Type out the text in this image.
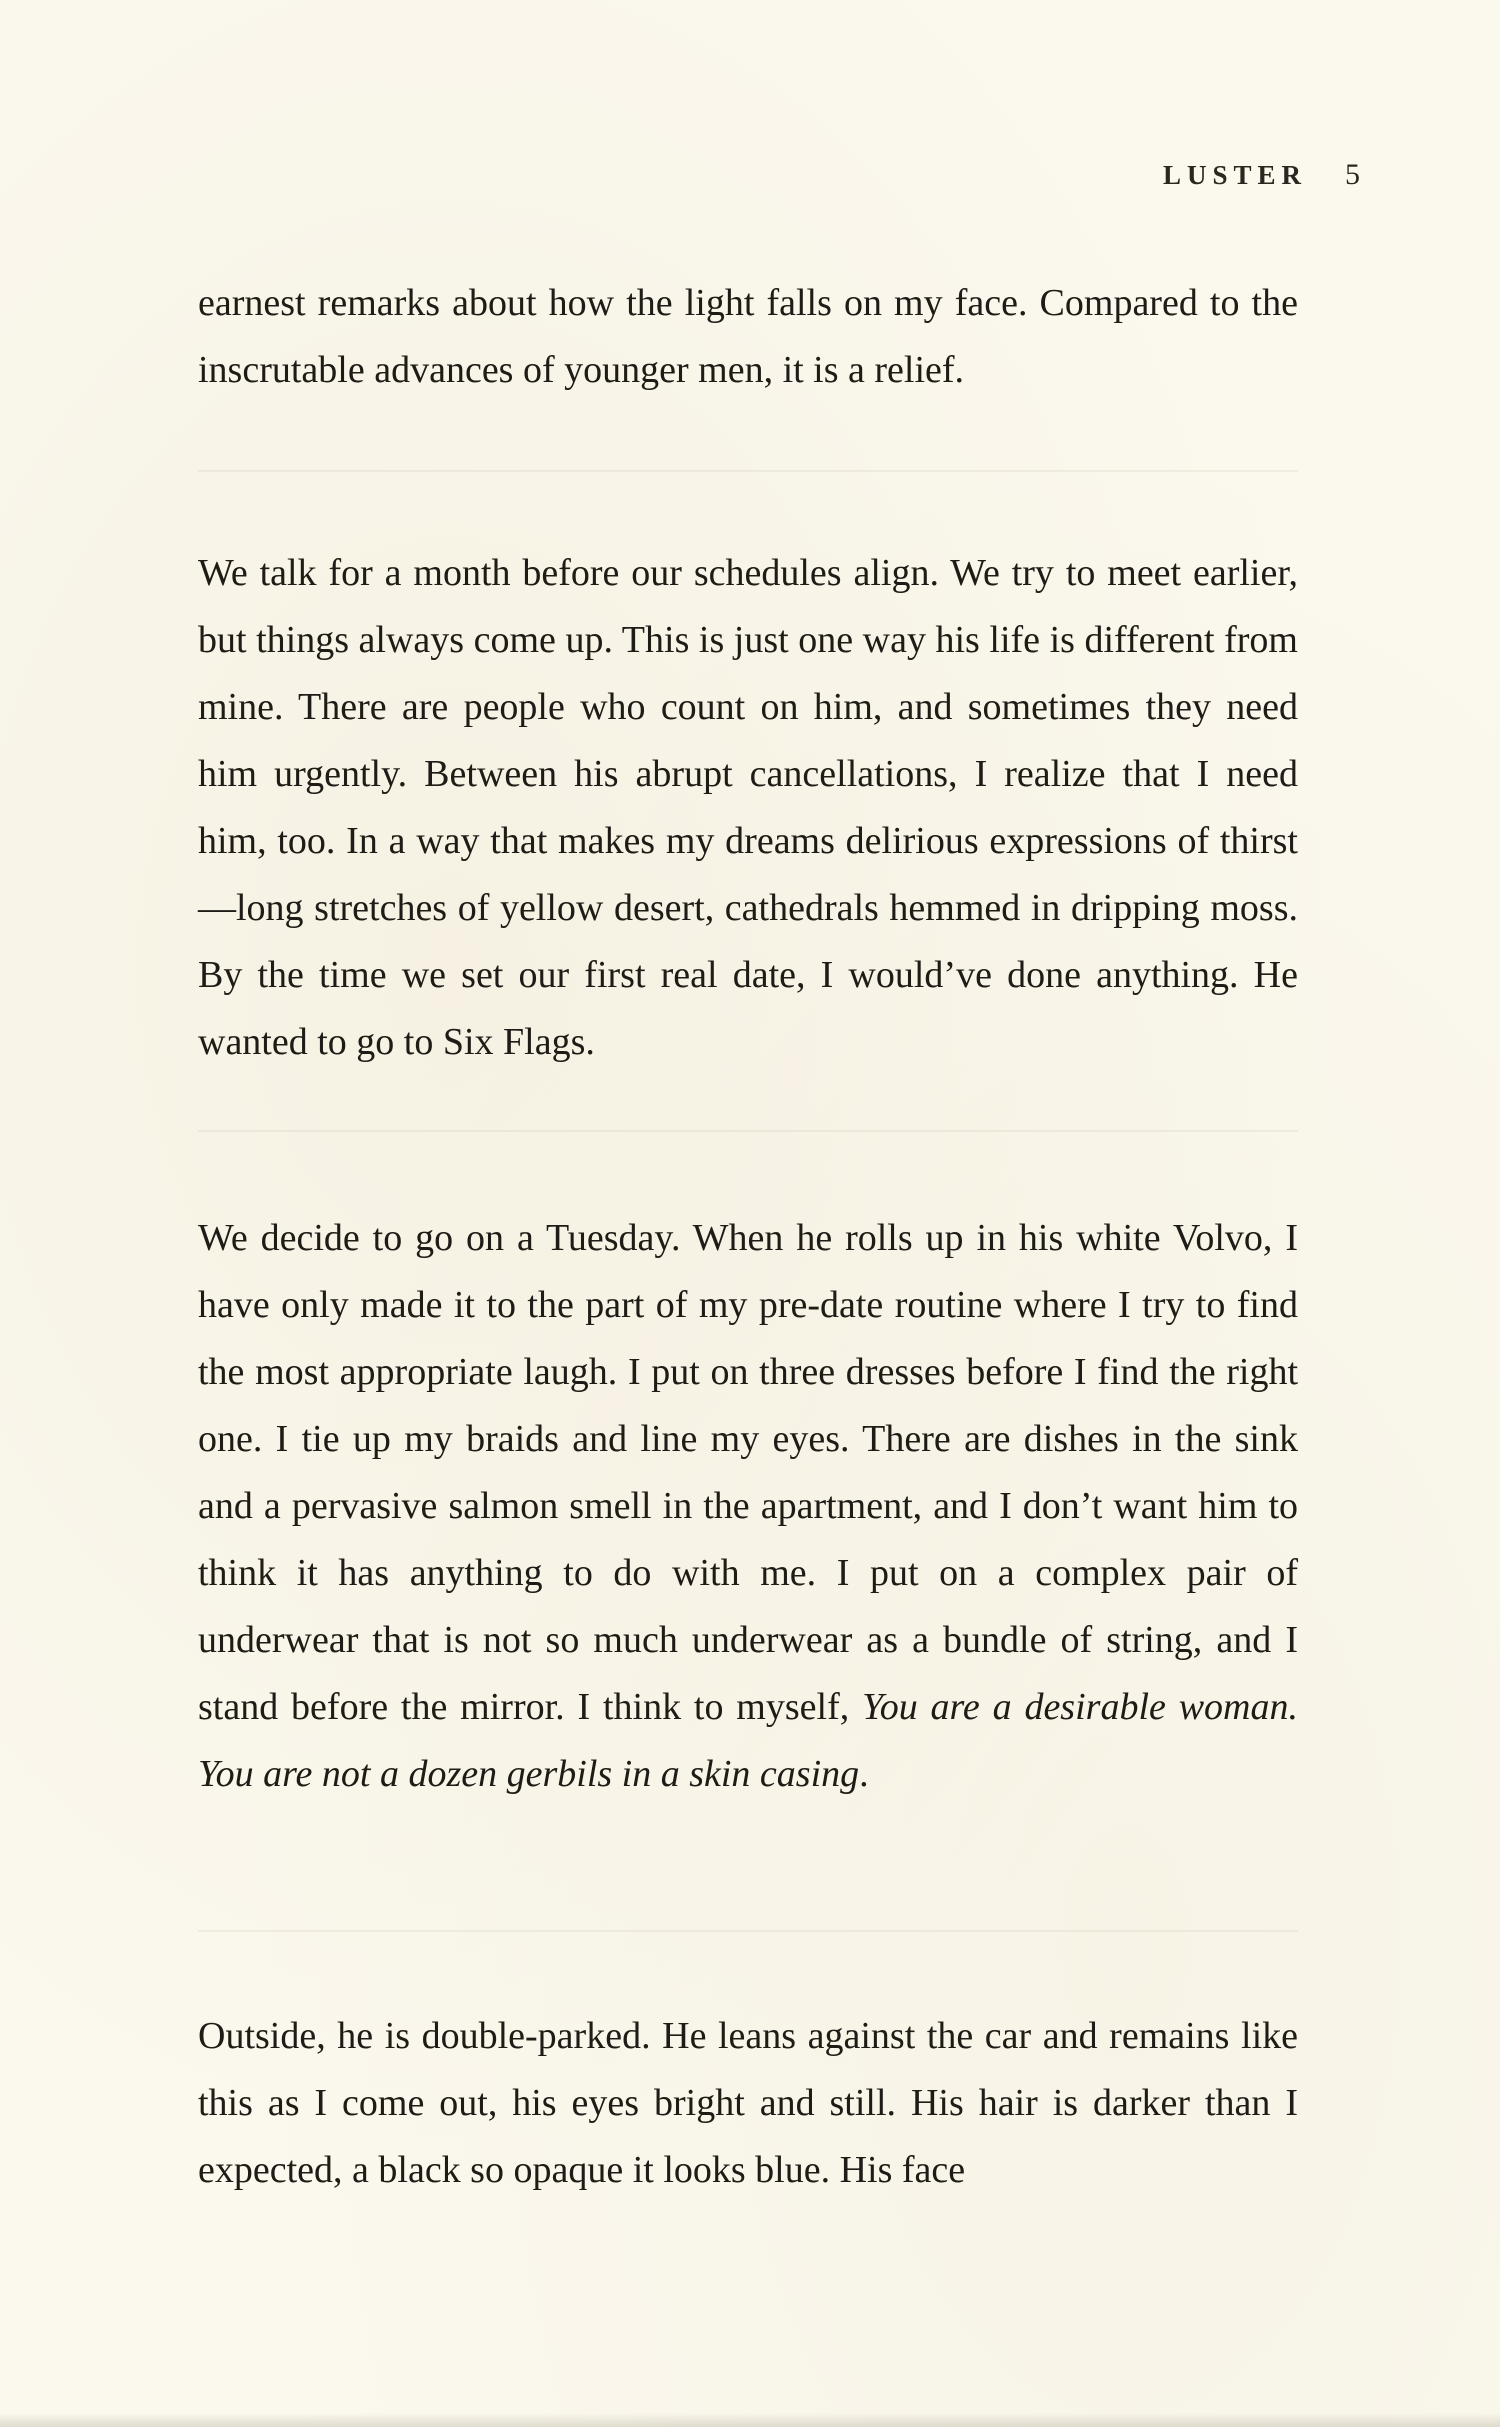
LUSTER 5

earnest remarks about how the light falls on my face. Compared to the inscrutable advances of younger men, it is a relief.

We talk for a month before our schedules align. We try to meet earlier, but things always come up. This is just one way his life is different from mine. There are people who count on him, and sometimes they need him urgently. Between his abrupt cancellations, I realize that I need him, too. In a way that makes my dreams delirious expressions of thirst—long stretches of yellow desert, cathedrals hemmed in dripping moss. By the time we set our first real date, I would’ve done anything. He wanted to go to Six Flags.

We decide to go on a Tuesday. When he rolls up in his white Volvo, I have only made it to the part of my pre-date routine where I try to find the most appropriate laugh. I put on three dresses before I find the right one. I tie up my braids and line my eyes. There are dishes in the sink and a pervasive salmon smell in the apartment, and I don’t want him to think it has anything to do with me. I put on a complex pair of underwear that is not so much underwear as a bundle of string, and I stand before the mirror. I think to myself, You are a desirable woman. You are not a dozen gerbils in a skin casing.

Outside, he is double-parked. He leans against the car and remains like this as I come out, his eyes bright and still. His hair is darker than I expected, a black so opaque it looks blue. His face
